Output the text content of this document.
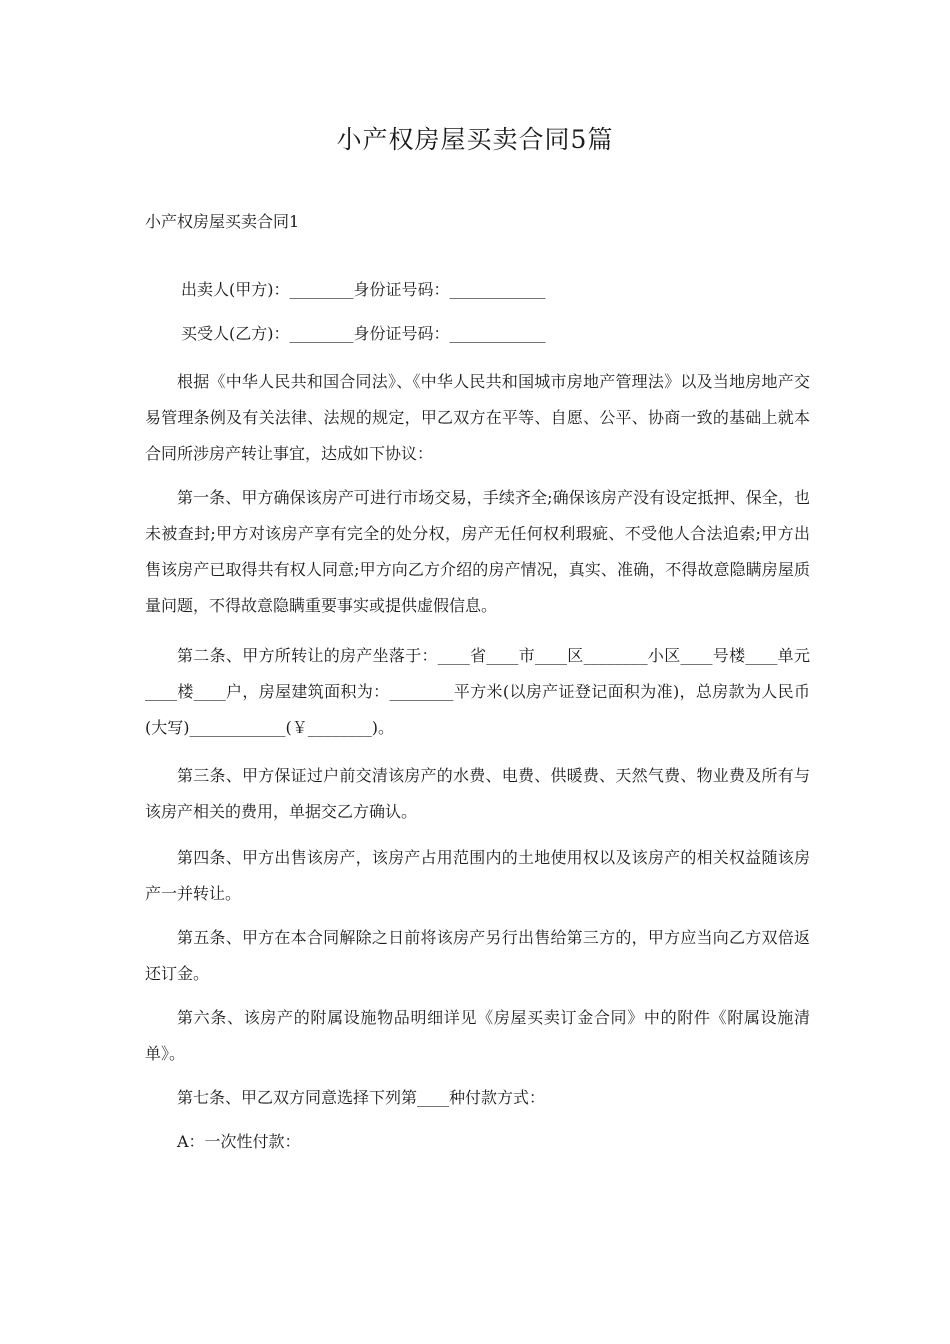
小产权房屋买卖合同5篇
小产权房屋买卖合同1

出卖人(甲方)：________身份证号码：____________

买受人(乙方)：________身份证号码：____________

根据《中华人民共和国合同法》、《中华人民共和国城市房地产管理法》以及当地房地产交易管理条例及有关法律、法规的规定，甲乙双方在平等、自愿、公平、协商一致的基础上就本合同所涉房产转让事宜，达成如下协议：

第一条、甲方确保该房产可进行市场交易，手续齐全;确保该房产没有设定抵押、保全，也未被查封;甲方对该房产享有完全的处分权，房产无任何权利瑕疵、不受他人合法追索;甲方出售该房产已取得共有权人同意;甲方向乙方介绍的房产情况，真实、准确，不得故意隐瞒房屋质量问题，不得故意隐瞒重要事实或提供虚假信息。

第二条、甲方所转让的房产坐落于：____省____市____区________小区____号楼____单元____楼____户，房屋建筑面积为：________平方米(以房产证登记面积为准)，总房款为人民币(大写)____________(￥________)。

第三条、甲方保证过户前交清该房产的水费、电费、供暖费、天然气费、物业费及所有与该房产相关的费用，单据交乙方确认。

第四条、甲方出售该房产，该房产占用范围内的土地使用权以及该房产的相关权益随该房产一并转让。

第五条、甲方在本合同解除之日前将该房产另行出售给第三方的，甲方应当向乙方双倍返还订金。

第六条、该房产的附属设施物品明细详见《房屋买卖订金合同》中的附件《附属设施清单》。

第七条、甲乙双方同意选择下列第____种付款方式：

A：一次性付款：
